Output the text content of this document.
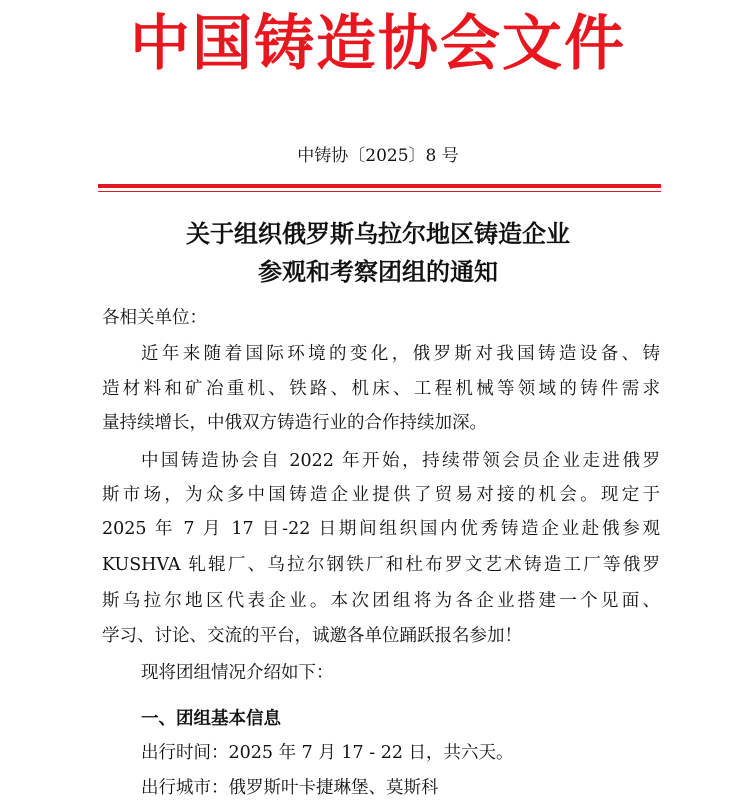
中国铸造协会文件
中铸协〔2025〕8 号
关于组织俄罗斯乌拉尔地区铸造企业
参观和考察团组的通知
各相关单位：
近年来随着国际环境的变化，俄罗斯对我国铸造设备、铸
造材料和矿冶重机、铁路、机床、工程机械等领域的铸件需求
量持续增长，中俄双方铸造行业的合作持续加深。
中国铸造协会自 2022 年开始，持续带领会员企业走进俄罗
斯市场，为众多中国铸造企业提供了贸易对接的机会。现定于
2025 年 7 月 17 日-22 日期间组织国内优秀铸造企业赴俄参观
KUSHVA 轧辊厂、乌拉尔钢铁厂和杜布罗文艺术铸造工厂等俄罗
斯乌拉尔地区代表企业。本次团组将为各企业搭建一个见面、
学习、讨论、交流的平台，诚邀各单位踊跃报名参加！
现将团组情况介绍如下：
一、团组基本信息
出行时间：2025 年 7 月 17 - 22 日，共六天。
出行城市：俄罗斯叶卡捷琳堡、莫斯科
